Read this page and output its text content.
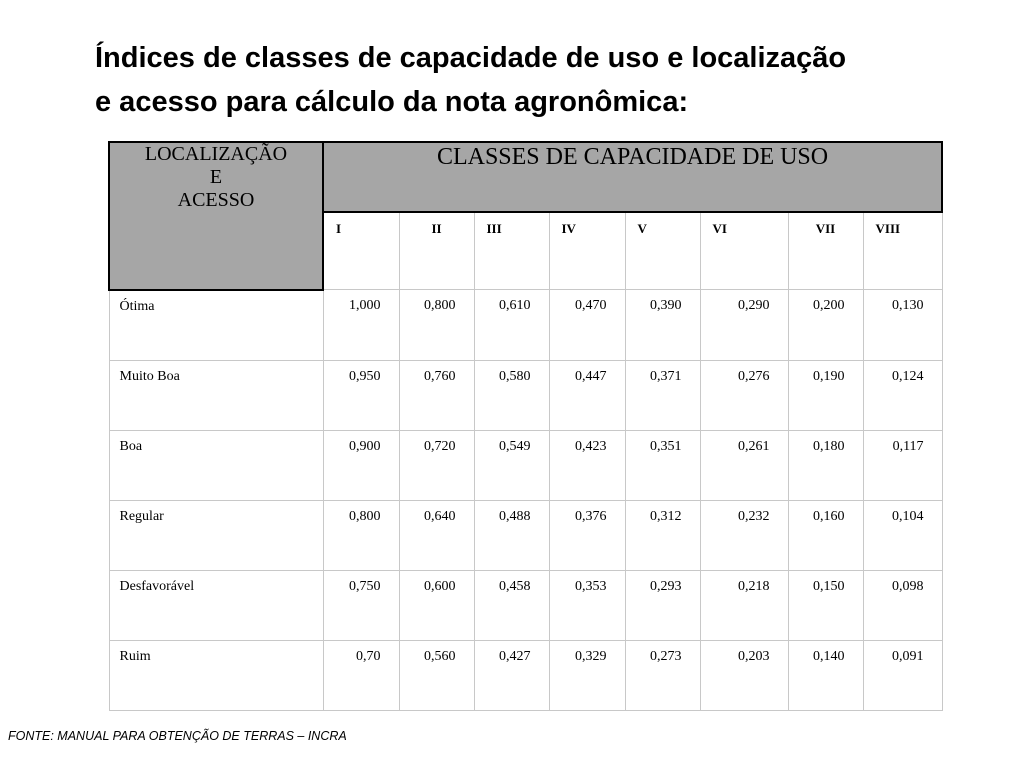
Índices de classes de capacidade de uso e localização
e acesso para cálculo da nota agronômica:
LOCALIZAÇÃO
E
ACESSO	CLASSES DE CAPACIDADE DE USO							
	I	II	III	IV	V	VI	VII	VIII
Ótima	1,000	0,800	0,610	0,470	0,390	0,290	0,200	0,130
Muito Boa	0,950	0,760	0,580	0,447	0,371	0,276	0,190	0,124
Boa	0,900	0,720	0,549	0,423	0,351	0,261	0,180	0,117
Regular	0,800	0,640	0,488	0,376	0,312	0,232	0,160	0,104
Desfavorável	0,750	0,600	0,458	0,353	0,293	0,218	0,150	0,098
Ruim	0,70	0,560	0,427	0,329	0,273	0,203	0,140	0,091

FONTE: MANUAL PARA OBTENÇÃO DE TERRAS – INCRA
